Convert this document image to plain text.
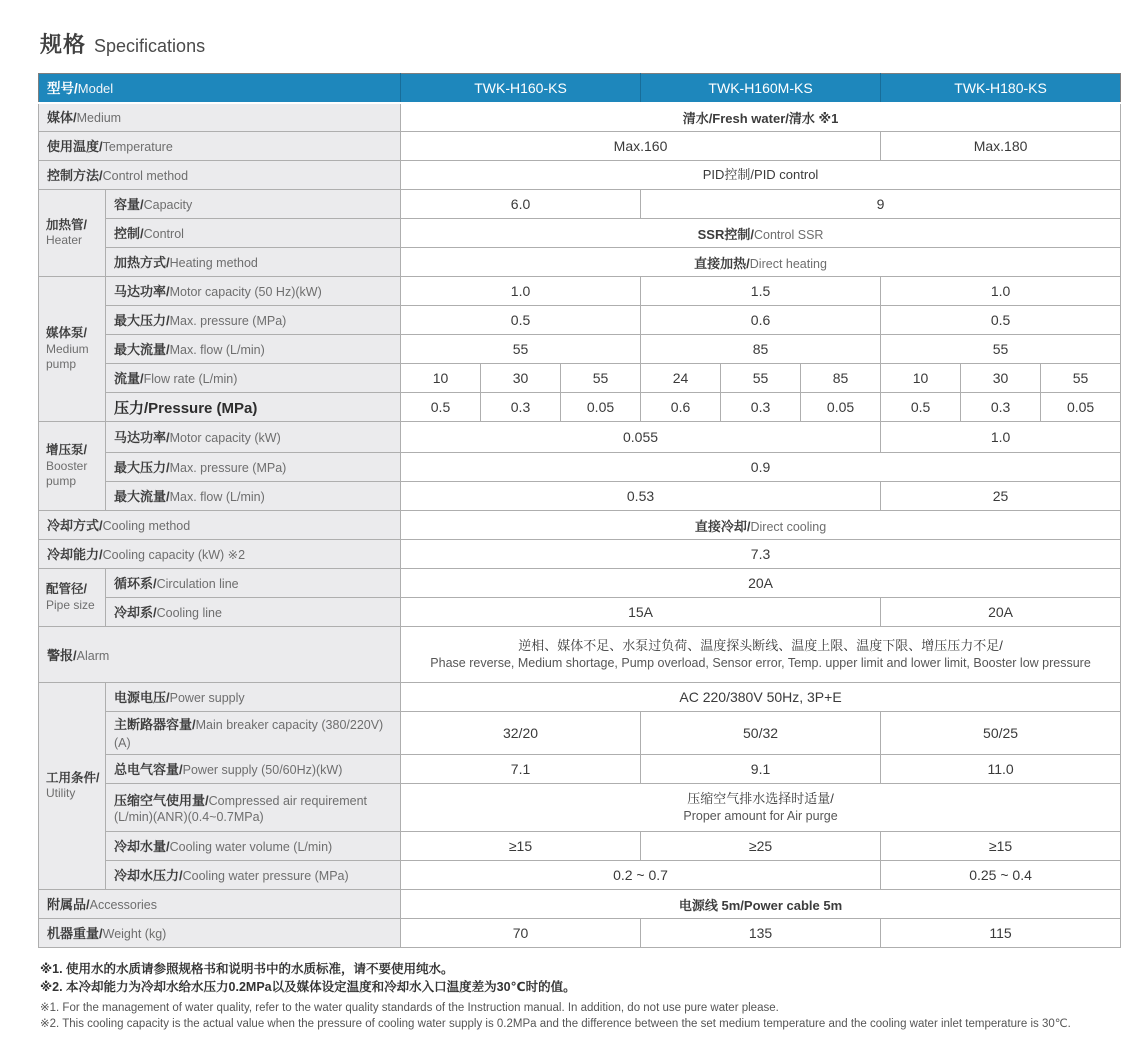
规格 Specifications
型号/Model		TWK-H160-KS			TWK-H160M-KS			TWK-H180-KS		
媒体/Medium		清水/Fresh water/清水 ※1								
使用温度/Temperature		Max.160						Max.180		
控制方法/Control method		PID控制/PID control								

加热管/
Heater	容量/Capacity	6.0			9					
	控制/Control	SSR控制/Control SSR								
	加热方式/Heating method	直接加热/Direct heating								

媒体泵/
Medium pump	马达功率/Motor capacity (50 Hz)(kW)	1.0			1.5			1.0		
	最大压力/Max. pressure (MPa)	0.5			0.6			0.5		
	最大流量/Max. flow (L/min)	55			85			55		
	流量/Flow rate (L/min)	10	30	55	24	55	85	10	30	55
	压力/Pressure (MPa)	0.5	0.3	0.05	0.6	0.3	0.05	0.5	0.3	0.05

增压泵/
Booster pump	马达功率/Motor capacity (kW)	0.055						1.0		
	最大压力/Max. pressure (MPa)	0.9								
	最大流量/Max. flow (L/min)	0.53						25		
冷却方式/Cooling method		直接冷却/Direct cooling								
冷却能力/Cooling capacity (kW) ※2		7.3								

配管径/
Pipe size	循环系/Circulation line	20A								
	冷却系/Cooling line	15A						20A		
警报/Alarm		逆相、媒体不足、水泵过负荷、温度探头断线、温度上限、温度下限、增压压力不足/
Phase reverse, Medium shortage, Pump overload, Sensor error, Temp. upper limit and lower limit, Booster low pressure								

工用条件/
Utility	电源电压/Power supply	AC 220/380V 50Hz, 3P+E								
	主断路器容量/Main breaker capacity (380/220V)(A)	32/20			50/32			50/25		
	总电气容量/Power supply (50/60Hz)(kW)	7.1			9.1			11.0		
	压缩空气使用量/Compressed air requirement
(L/min)(ANR)(0.4~0.7MPa)	压缩空气排水选择时适量/
Proper amount for Air purge								

	冷却水量/Cooling water volume (L/min)	≥15			≥25			≥15		
	冷却水压力/Cooling water pressure (MPa)	0.2 ~ 0.7						0.25 ~ 0.4		
附属品/Accessories		电源线 5m/Power cable 5m								
机器重量/Weight (kg)		70			135			115		
※1. 使用水的水质请参照规格书和说明书中的水质标准，请不要使用纯水。
※2. 本冷却能力为冷却水给水压力0.2MPa以及媒体设定温度和冷却水入口温度差为30℃时的值。
※1. For the management of water quality, refer to the water quality standards of the Instruction manual. In addition, do not use pure water please.
※2. This cooling capacity is the actual value when the pressure of cooling water supply is 0.2MPa and the difference between the set medium temperature and the cooling water inlet temperature is 30℃.
